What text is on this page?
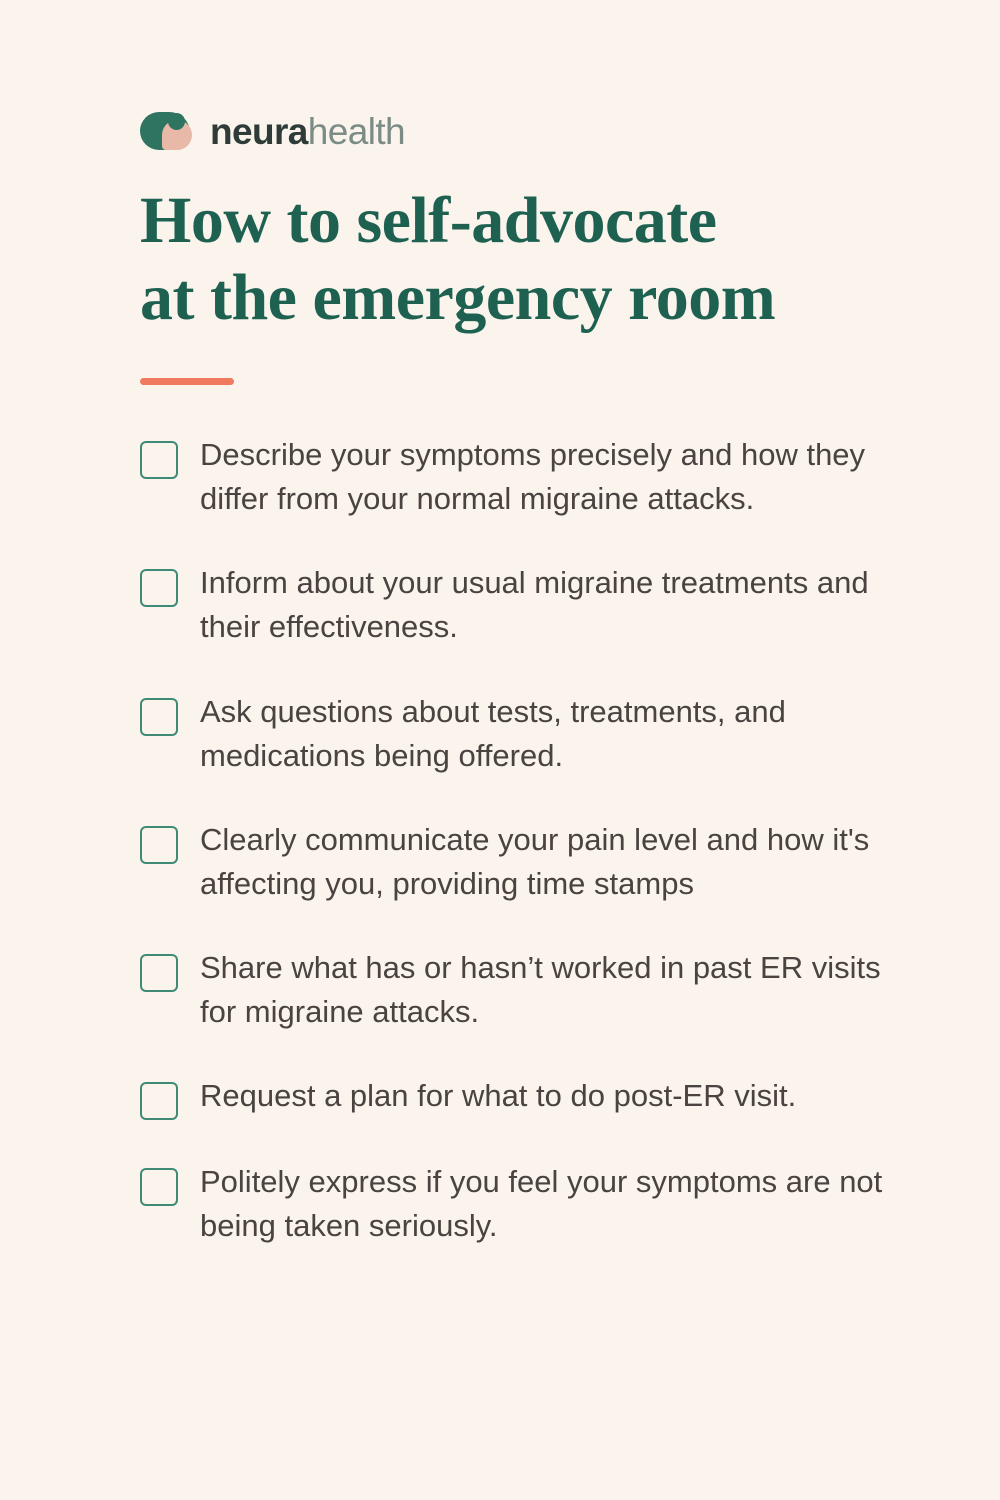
neurahealth
How to self-advocate
at the emergency room
Describe your symptoms precisely and how they differ from your normal migraine attacks.
Inform about your usual migraine treatments and their effectiveness.
Ask questions about tests, treatments, and medications being offered.
Clearly communicate your pain level and how it's affecting you, providing time stamps
Share what has or hasn’t worked in past ER visits for migraine attacks.
Request a plan for what to do post-ER visit.
Politely express if you feel your symptoms are not being taken seriously.
